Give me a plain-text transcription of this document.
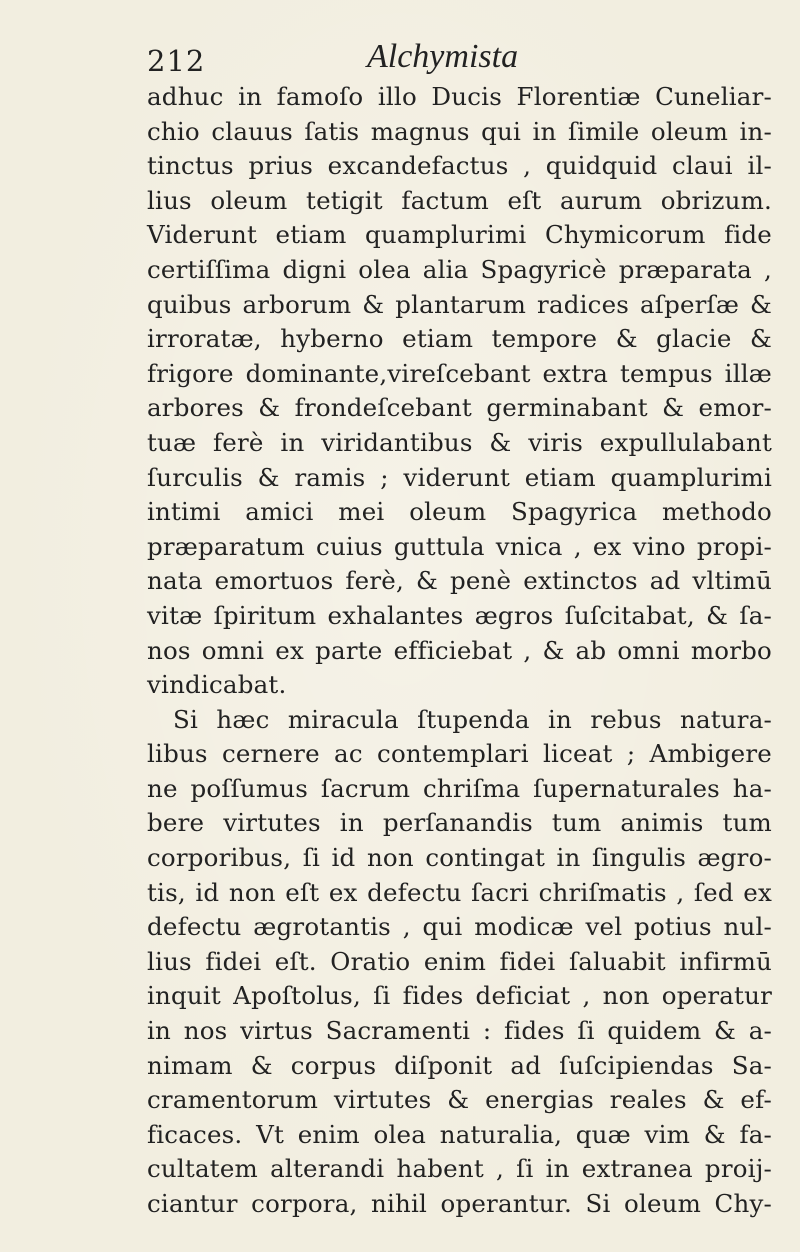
212	Alchymista
adhuc in famoſo illo Ducis Florentiæ Cuneliar-
chio clauus ſatis magnus qui in ſimile oleum in-
tinctus prius excandefactus , quidquid claui il-
lius oleum tetigit factum eſt aurum obrizum.
Viderunt etiam quamplurimi Chymicorum fide
certiſſima digni olea alia Spagyricè præparata ,
quibus arborum & plantarum radices aſperſæ &
irroratæ, hyberno etiam tempore & glacie &
frigore dominante,vireſcebant extra tempus illæ
arbores & frondeſcebant germinabant & emor-
tuæ ferè in viridantibus & viris expullulabant
ſurculis & ramis ; viderunt etiam quamplurimi
intimi amici mei oleum Spagyrica methodo
præparatum cuius guttula vnica , ex vino propi-
nata emortuos ferè, & penè extinctos ad vltimū
vitæ ſpiritum exhalantes ægros ſuſcitabat, & ſa-
nos omni ex parte efficiebat , & ab omni morbo
vindicabat.
Si hæc miracula ſtupenda in rebus natura-
libus cernere ac contemplari liceat ; Ambigere
ne poſſumus ſacrum chriſma ſupernaturales ha-
bere virtutes in perſanandis tum animis tum
corporibus, ſi id non contingat in ſingulis ægro-
tis, id non eſt ex defectu ſacri chriſmatis , ſed ex
defectu ægrotantis , qui modicæ vel potius nul-
lius fidei eſt. Oratio enim fidei ſaluabit infirmū
inquit Apoſtolus, ſi fides deficiat , non operatur
in nos virtus Sacramenti : fides ſi quidem & a-
nimam & corpus diſponit ad ſuſcipiendas Sa-
cramentorum virtutes & energias reales & ef-
ficaces. Vt enim olea naturalia, quæ vim & fa-
cultatem alterandi habent , ſi in extranea proij-
ciantur corpora, nihil operantur. Si oleum Chy-
